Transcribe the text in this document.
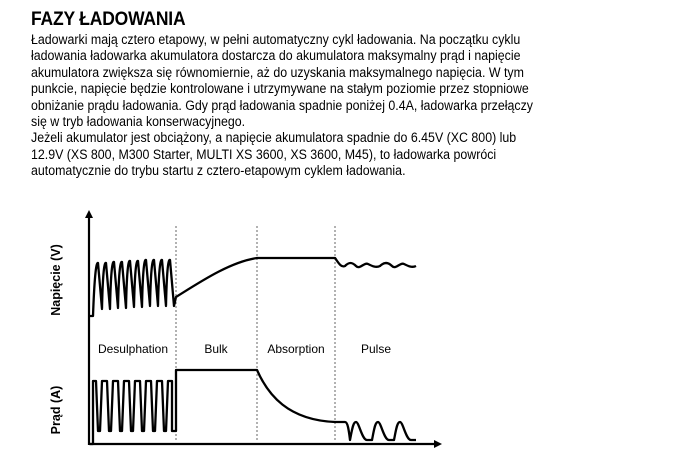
FAZY ŁADOWANIA
Ładowarki mają cztero etapowy, w pełni automatyczny cykl ładowania. Na początku cyklu
ładowania ładowarka akumulatora dostarcza do akumulatora maksymalny prąd i napięcie
akumulatora zwiększa się równomiernie, aż do uzyskania maksymalnego napięcia. W tym
punkcie, napięcie będzie kontrolowane i utrzymywane na stałym poziomie przez stopniowe
obniżanie prądu ładowania. Gdy prąd ładowania spadnie poniżej 0.4A, ładowarka przełączy
się w tryb ładowania konserwacyjnego.
Jeżeli akumulator jest obciążony, a napięcie akumulatora spadnie do 6.45V (XC 800) lub
12.9V (XS 800, M300 Starter, MULTI XS 3600, XS 3600, M45), to ładowarka powróci
automatycznie do trybu startu z cztero-etapowym cyklem ładowania.
Napięcie (V)
Prąd (A)
Desulphation	Bulk	Absorption	Pulse
